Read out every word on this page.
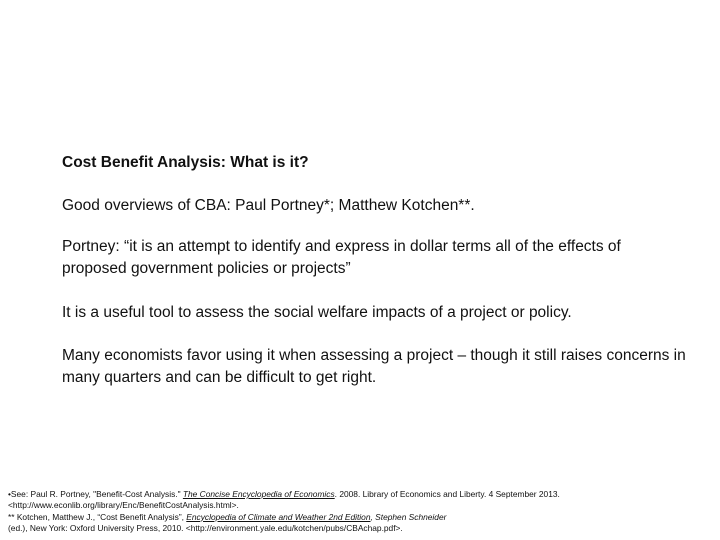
Cost Benefit Analysis: What is it?
Good overviews of CBA: Paul Portney*; Matthew Kotchen**.
Portney: “it is an attempt to identify and express in dollar terms all of the effects of proposed government policies or projects”
It is a useful tool to assess the social welfare impacts of a project or policy.
Many economists favor using it when assessing a project – though it still raises concerns in many quarters and can be difficult to get right.
•See: Paul R. Portney, "Benefit-Cost Analysis." The Concise Encyclopedia of Economics. 2008. Library of Economics and Liberty. 4 September 2013.
<http://www.econlib.org/library/Enc/BenefitCostAnalysis.html>.
** Kotchen, Matthew J., “Cost Benefit Analysis”, Encyclopedia of Climate and Weather 2nd Edition, Stephen Schneider
(ed.), New York: Oxford University Press, 2010. <http://environment.yale.edu/kotchen/pubs/CBAchap.pdf>.
